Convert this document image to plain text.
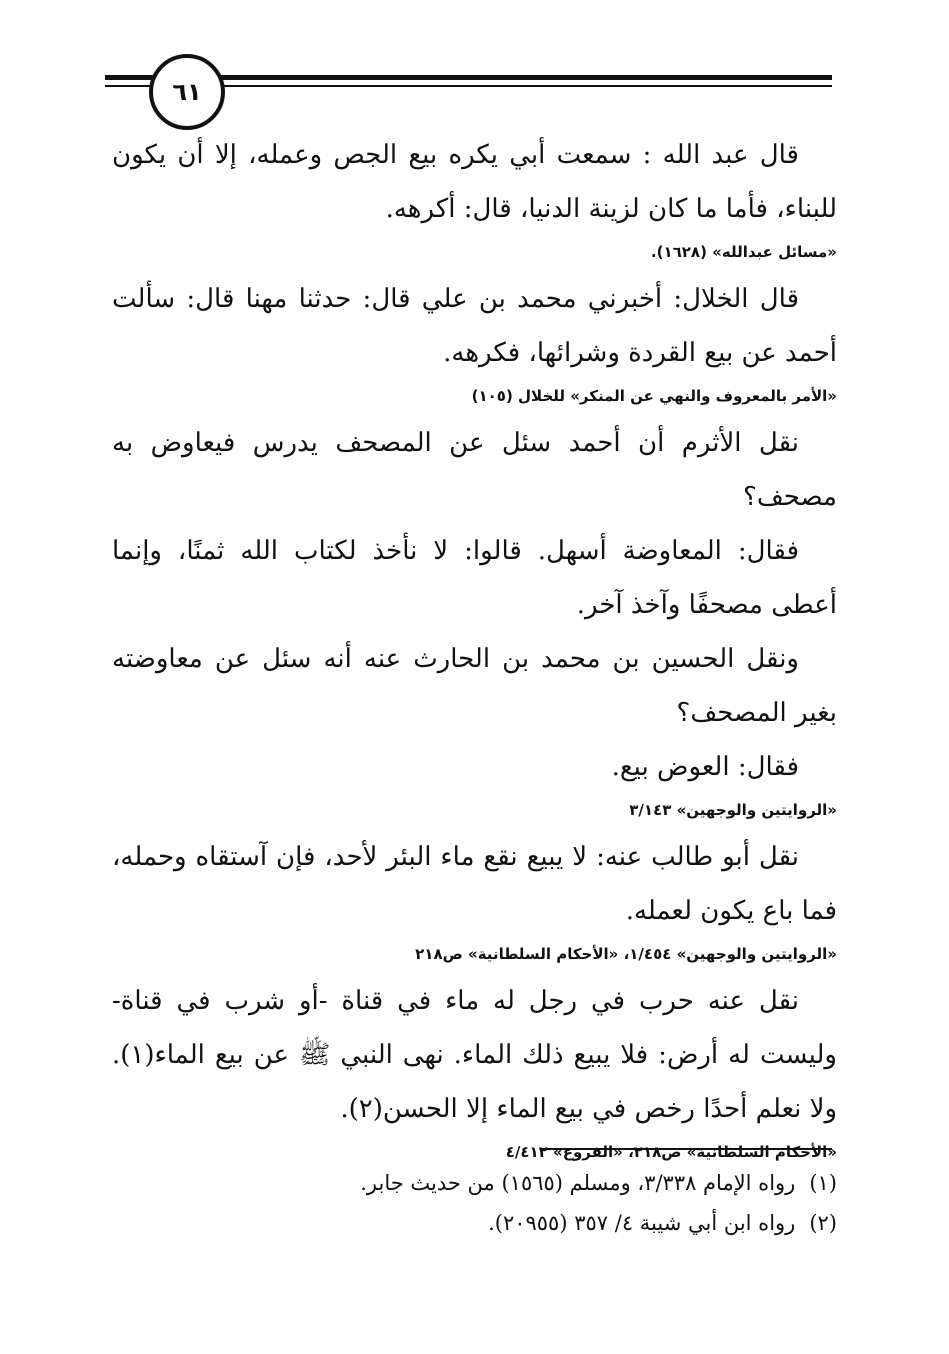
٦١

قال عبد الله : سمعت أبي يكره بيع الجص وعمله، إلا أن يكون للبناء، فأما ما كان لزينة الدنيا، قال: أكرهه.

«مسائل عبدالله» (١٦٢٨).

قال الخلال: أخبرني محمد بن علي قال: حدثنا مهنا قال: سألت أحمد عن بيع القردة وشرائها، فكرهه.

«الأمر بالمعروف والنهي عن المنكر» للخلال (١٠٥)

نقل الأثرم أن أحمد سئل عن المصحف يدرس فيعاوض به مصحف؟

فقال: المعاوضة أسهل. قالوا: لا نأخذ لكتاب الله ثمنًا، وإنما أعطى مصحفًا وآخذ آخر.

ونقل الحسين بن محمد بن الحارث عنه أنه سئل عن معاوضته بغير المصحف؟

فقال: العوض بيع.

«الروايتين والوجهين» ٣/١٤٣

نقل أبو طالب عنه: لا يبيع نقع ماء البئر لأحد، فإن آستقاه وحمله، فما باع يكون لعمله.

«الروايتين والوجهين» ١/٤٥٤، «الأحكام السلطانية» ص٢١٨

نقل عنه حرب في رجل له ماء في قناة -أو شرب في قناة- وليست له أرض: فلا يبيع ذلك الماء. نهى النبي ﷺ عن بيع الماء(١). ولا نعلم أحدًا رخص في بيع الماء إلا الحسن(٢).

«الأحكام السلطانية» ص٢١٨، «الفروع» ٤/٤١٢

(١)رواه الإمام ٣/٣٣٨، ومسلم (١٥٦٥) من حديث جابر.

(٢)رواه ابن أبي شيبة ٤/ ٣٥٧ (٢٠٩٥٥).
